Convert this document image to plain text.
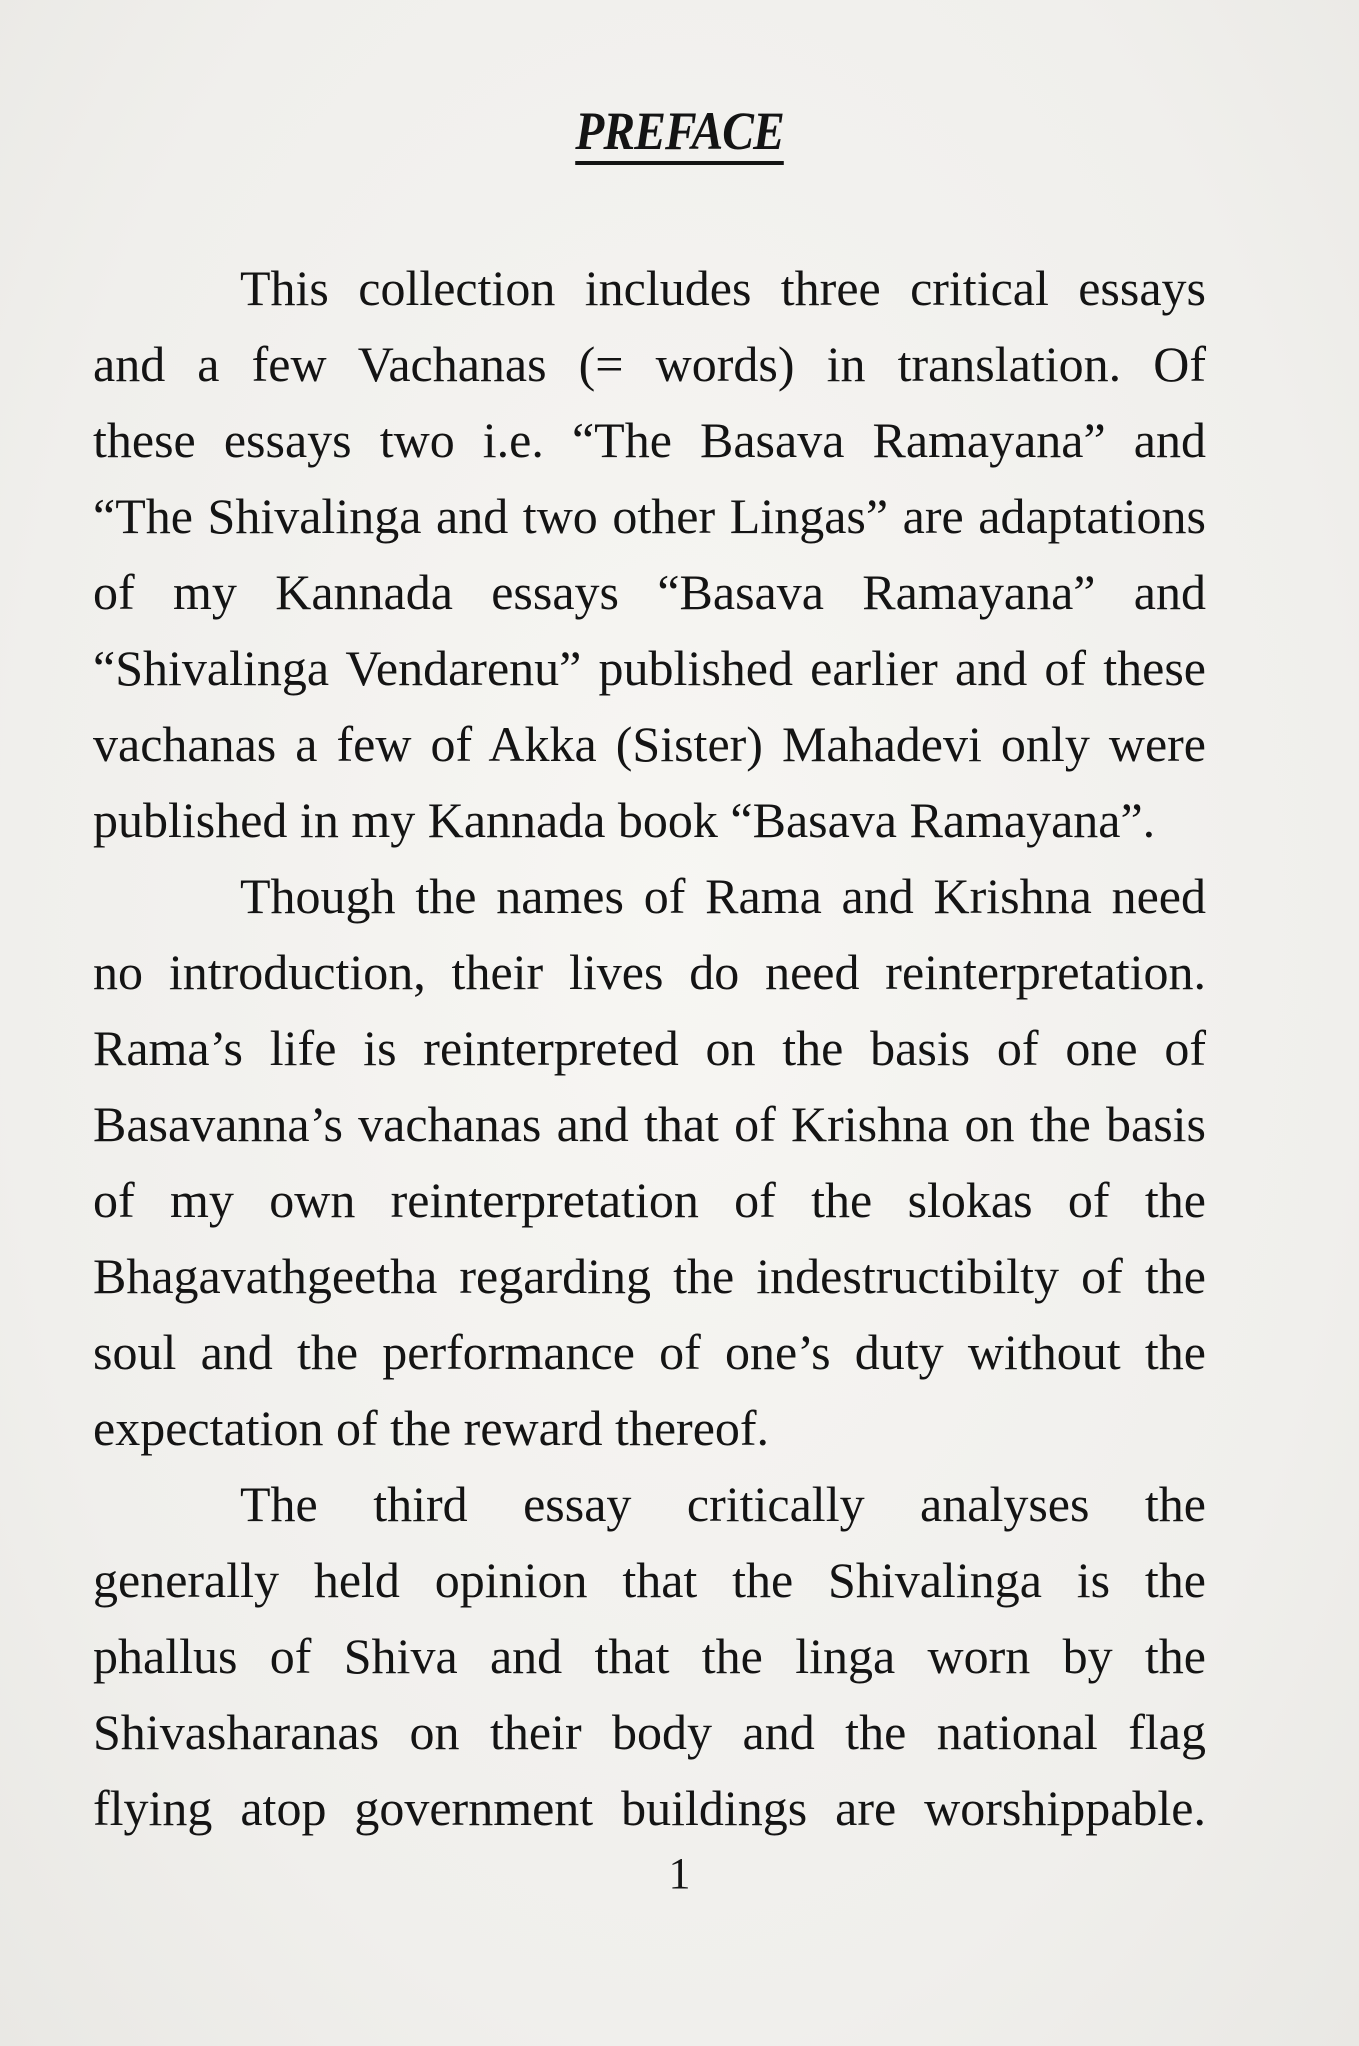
PREFACE
This collection includes three critical essays
and a few Vachanas (= words) in translation. Of
these essays two i.e. “The Basava Ramayana” and
“The Shivalinga and two other Lingas” are adaptations
of my Kannada essays “Basava Ramayana” and
“Shivalinga Vendarenu” published earlier and of these
vachanas a few of Akka (Sister) Mahadevi only were
published in my Kannada book “Basava Ramayana”.
Though the names of Rama and Krishna need
no introduction, their lives do need reinterpretation.
Rama’s life is reinterpreted on the basis of one of
Basavanna’s vachanas and that of Krishna on the basis
of my own reinterpretation of the slokas of the
Bhagavathgeetha regarding the indestructibilty of the
soul and the performance of one’s duty without the
expectation of the reward thereof.
The third essay critically analyses the
generally held opinion that the Shivalinga is the
phallus of Shiva and that the linga worn by the
Shivasharanas on their body and the national flag
flying atop government buildings are worshippable.
1
